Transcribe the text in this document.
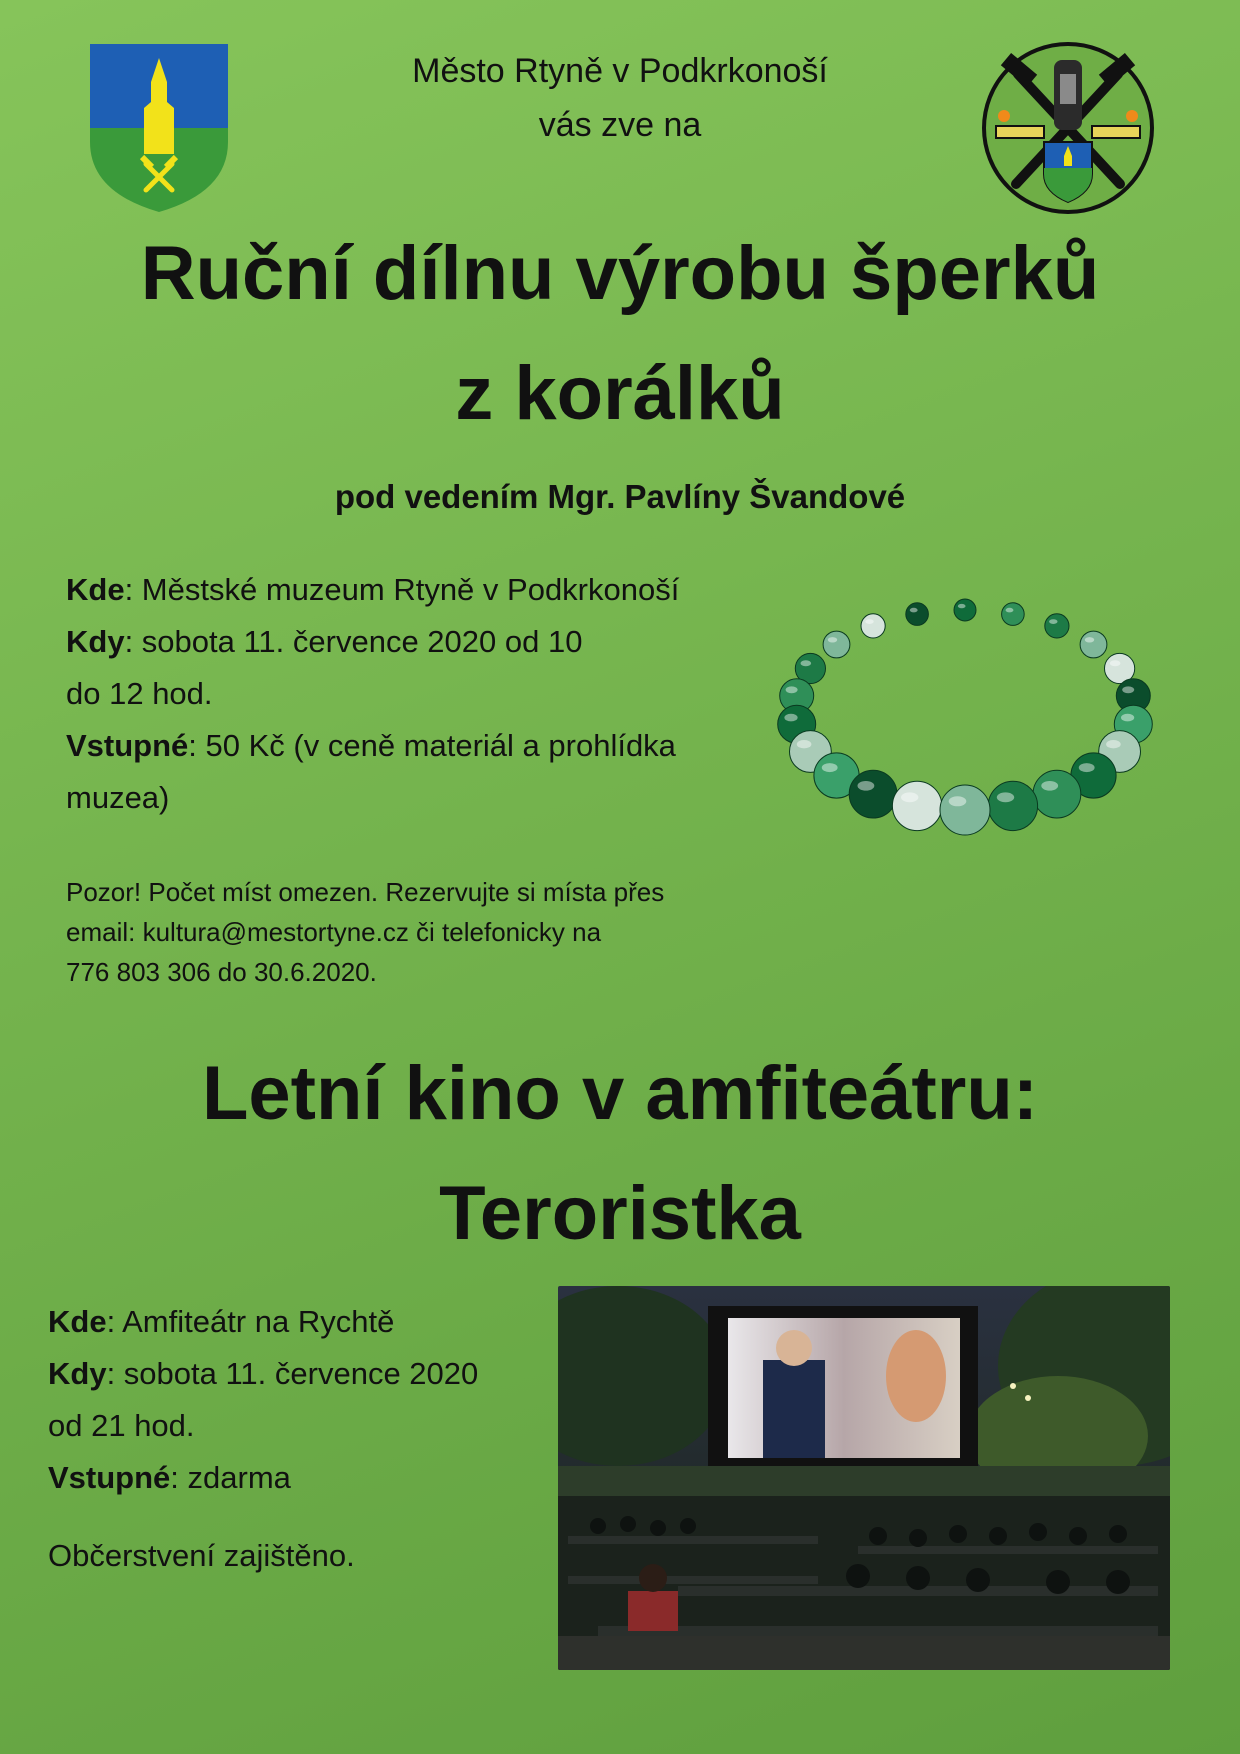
Město Rtyně v Podkrkonoší
vás zve na
Ruční dílnu výrobu šperků
z korálků
pod vedením Mgr. Pavlíny Švandové
Kde: Městské muzeum Rtyně v Podkrkonoší
Kdy: sobota 11. července 2020 od 10
do 12 hod.
Vstupné: 50 Kč (v ceně materiál a prohlídka
muzea)
Pozor! Počet míst omezen. Rezervujte si místa přes
email: kultura@mestortyne.cz či telefonicky na
776 803 306 do 30.6.2020.
Letní kino v amfiteátru:
Teroristka
Kde: Amfiteátr na Rychtě
Kdy: sobota 11. července 2020
od 21 hod.
Vstupné: zdarma
Občerstvení zajištěno.
